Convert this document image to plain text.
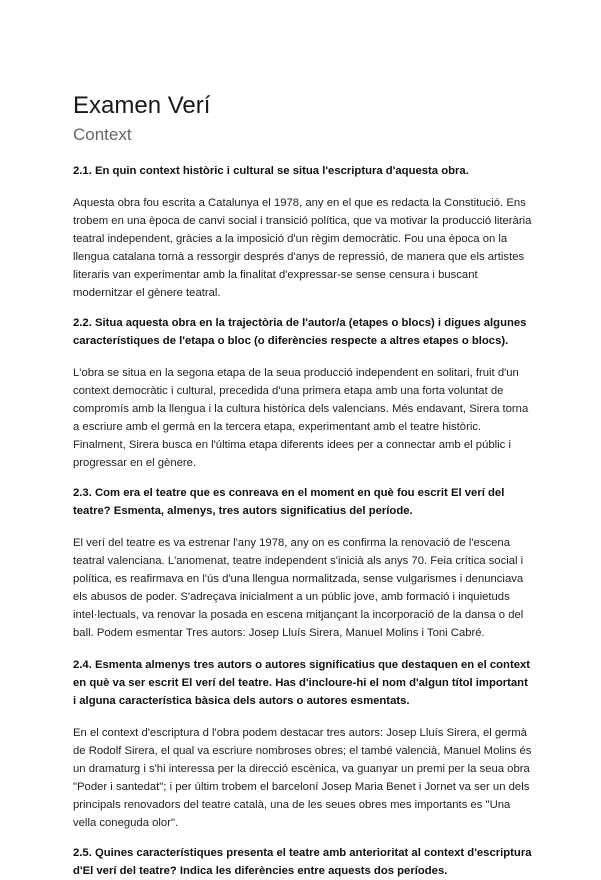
Examen Verí
Context

2.1. En quin context històric i cultural se situa l'escriptura d'aquesta obra.

Aquesta obra fou escrita a Catalunya el 1978, any en el que es redacta la Constitució. Ens trobem en una època de canvi social i transició política, que va motivar la producció literària teatral independent, gràcies a la imposició d'un règim democràtic. Fou una època on la llengua catalana tornà a ressorgir després d'anys de repressió, de manera que els artistes literaris van experimentar amb la finalitat d'expressar-se sense censura i buscant modernitzar el gènere teatral.

2.2. Situa aquesta obra en la trajectòria de l'autor/a (etapes o blocs) i digues algunes característiques de l'etapa o bloc (o diferències respecte a altres etapes o blocs).

L'obra se situa en la segona etapa de la seua producció independent en solitari, fruit d'un context democràtic i cultural, precedida d'una primera etapa amb una forta voluntat de compromís amb la llengua i la cultura històrica dels valencians. Més endavant, Sirera torna a escriure amb el germà en la tercera etapa, experimentant amb el teatre històric. Finalment, Sirera busca en l'última etapa diferents idees per a connectar amb el públic i progressar en el gènere.

2.3. Com era el teatre que es conreava en el moment en què fou escrit El verí del teatre? Esmenta, almenys, tres autors significatius del període.

El verí del teatre es va estrenar l'any 1978, any on es confirma la renovació de l'escena teatral valenciana. L'anomenat, teatre independent s'inicià als anys 70. Feia crítica social i política, es reafirmava en l'ús d'una llengua normalitzada, sense vulgarismes i denunciava els abusos de poder. S'adreçava inicialment a un públic jove, amb formació i inquietuds intel·lectuals, va renovar la posada en escena mitjançant la incorporació de la dansa o del ball. Podem esmentar Tres autors: Josep Lluís Sirera, Manuel Molins i Toni Cabré.

2.4. Esmenta almenys tres autors o autores significatius que destaquen en el context en què va ser escrit El verí del teatre. Has d'incloure-hi el nom d'algun títol important i alguna característica bàsica dels autors o autores esmentats.

En el context d'escriptura d l'obra podem destacar tres autors: Josep Lluís Sirera, el germà de Rodolf Sirera, el qual va escriure nombroses obres; el també valencià, Manuel Molins és un dramaturg i s'hi interessa per la direcció escènica, va guanyar un premi per la seua obra "Poder i santedat"; i per últim trobem el barceloní Josep Maria Benet i Jornet va ser un dels principals renovadors del teatre català, una de les seues obres mes importants es "Una vella coneguda olor".

2.5. Quines característiques presenta el teatre amb anterioritat al context d'escriptura d'El verí del teatre? Indica les diferències entre aquests dos períodes.
